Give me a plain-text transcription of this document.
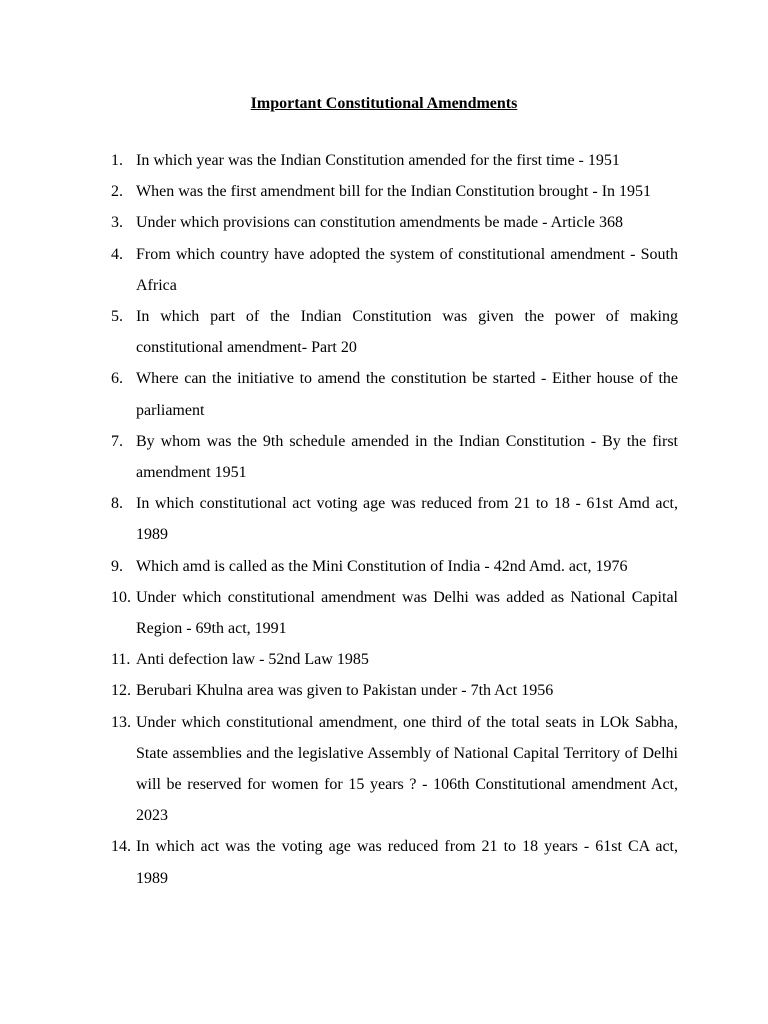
Important Constitutional Amendments
1. In which year was the Indian Constitution amended for the first time - 1951
2. When was the first amendment bill for the Indian Constitution brought - In 1951
3. Under which provisions can constitution amendments be made - Article 368
4. From which country have adopted the system of constitutional amendment - South Africa
5. In which part of the Indian Constitution was given the power of making constitutional amendment- Part 20
6. Where can the initiative to amend the constitution be started - Either house of the parliament
7. By whom was the 9th schedule amended in the Indian Constitution - By the first amendment 1951
8. In which constitutional act voting age was reduced from 21 to 18 - 61st Amd act, 1989
9. Which amd is called as the Mini Constitution of India - 42nd Amd. act, 1976
10. Under which constitutional amendment was Delhi was added as National Capital Region - 69th act, 1991
11. Anti defection law - 52nd Law 1985
12. Berubari Khulna area was given to Pakistan under - 7th Act 1956
13. Under which constitutional amendment, one third of the total seats in LOk Sabha, State assemblies and the legislative Assembly of National Capital Territory of Delhi will be reserved for women for 15 years ? - 106th Constitutional amendment Act, 2023
14. In which act was the voting age was reduced from 21 to 18 years - 61st CA act, 1989
